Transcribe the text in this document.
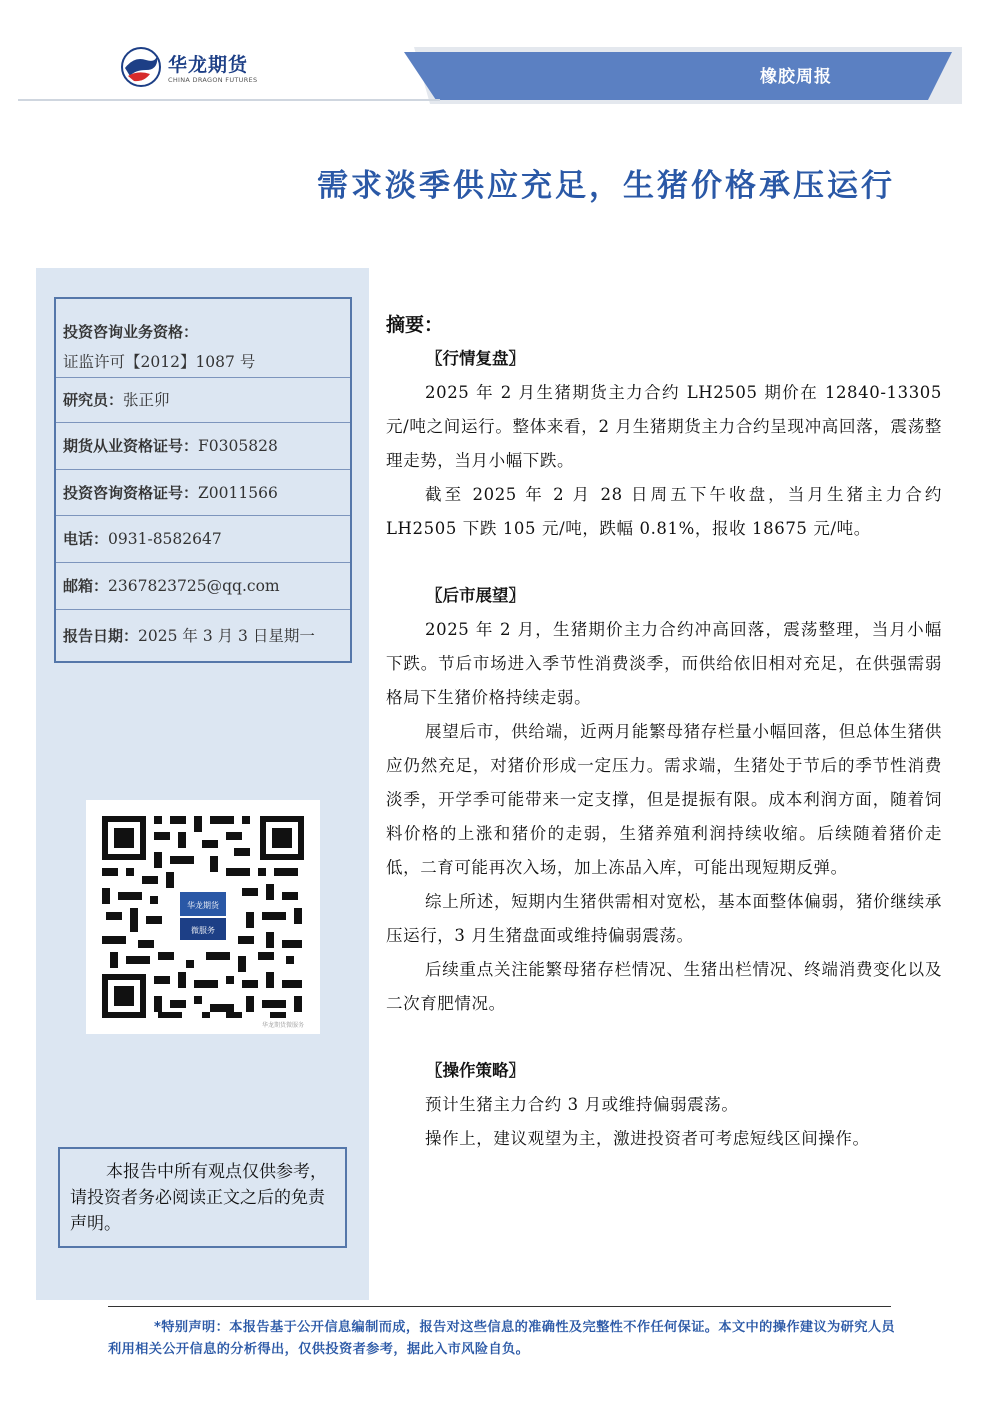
华龙期货
CHINA DRAGON FUTURES	橡胶周报
需求淡季供应充足，生猪价格承压运行
投资咨询业务资格：
证监许可【2012】1087 号
研究员：张正卯
期货从业资格证号：F0305828
投资咨询资格证号：Z0011566
电话：0931-8582647
邮箱：2367823725@qq.com
报告日期：2025 年 3 月 3 日星期一
华龙期货
微服务
华龙期货微服务
本报告中所有观点仅供参考，请投资者务必阅读正文之后的免责声明。
摘要：
〖行情复盘〗

2025 年 2 月生猪期货主力合约 LH2505 期价在 12840-13305 元/吨之间运行。整体来看，2 月生猪期货主力合约呈现冲高回落，震荡整理走势，当月小幅下跌。

截至 2025 年 2 月 28 日周五下午收盘，当月生猪主力合约 LH2505 下跌 105 元/吨，跌幅 0.81%，报收 18675 元/吨。

〖后市展望〗

2025 年 2 月，生猪期价主力合约冲高回落，震荡整理，当月小幅下跌。节后市场进入季节性消费淡季，而供给依旧相对充足，在供强需弱格局下生猪价格持续走弱。

展望后市，供给端，近两月能繁母猪存栏量小幅回落，但总体生猪供应仍然充足，对猪价形成一定压力。需求端，生猪处于节后的季节性消费淡季，开学季可能带来一定支撑，但是提振有限。成本利润方面，随着饲料价格的上涨和猪价的走弱，生猪养殖利润持续收缩。后续随着猪价走低，二育可能再次入场，加上冻品入库，可能出现短期反弹。

综上所述，短期内生猪供需相对宽松，基本面整体偏弱，猪价继续承压运行，3 月生猪盘面或维持偏弱震荡。

后续重点关注能繁母猪存栏情况、生猪出栏情况、终端消费变化以及二次育肥情况。

〖操作策略〗

预计生猪主力合约 3 月或维持偏弱震荡。

操作上，建议观望为主，激进投资者可考虑短线区间操作。

*特别声明：本报告基于公开信息编制而成，报告对这些信息的准确性及完整性不作任何保证。本文中的操作建议为研究人员利用相关公开信息的分析得出，仅供投资者参考，据此入市风险自负。
